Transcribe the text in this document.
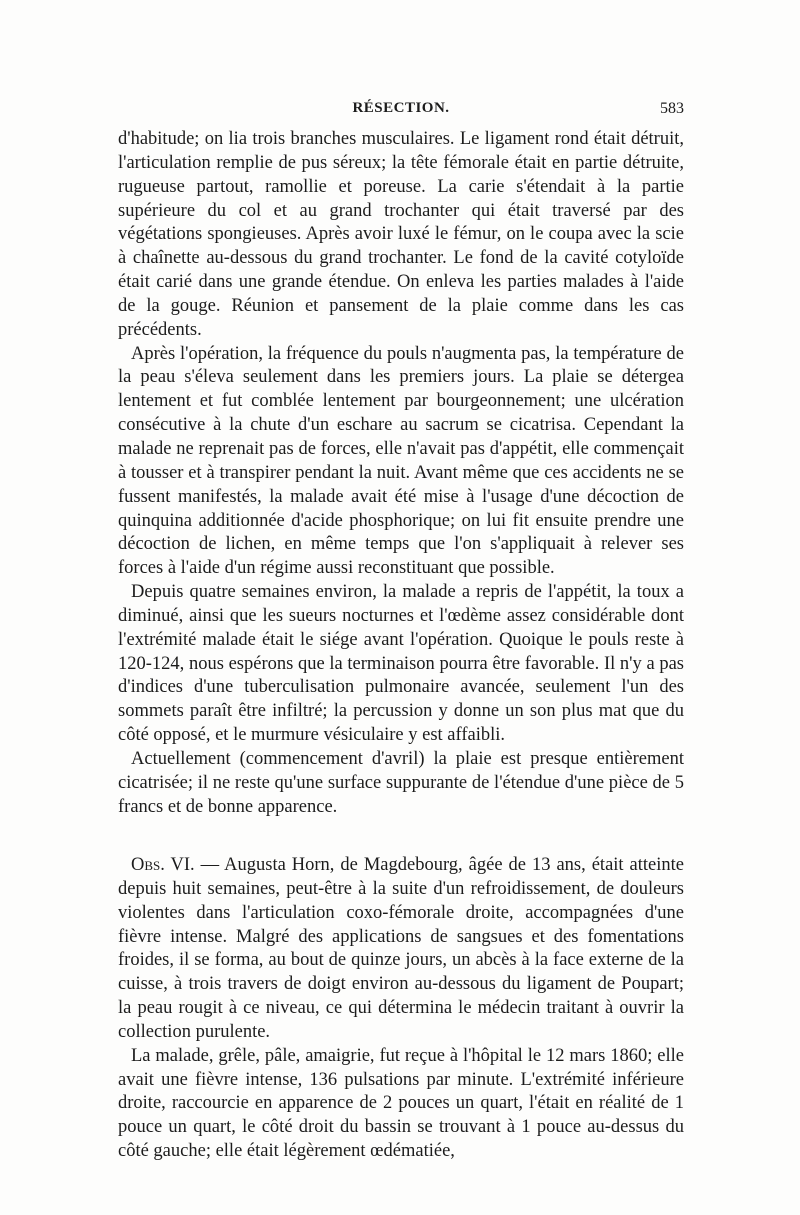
RÉSECTION.	583

d'habitude; on lia trois branches musculaires. Le ligament rond était détruit, l'articulation remplie de pus séreux; la tête fémorale était en partie détruite, rugueuse partout, ramollie et poreuse. La carie s'étendait à la partie supérieure du col et au grand trochanter qui était traversé par des végétations spongieuses. Après avoir luxé le fémur, on le coupa avec la scie à chaînette au-dessous du grand trochanter. Le fond de la cavité cotyloïde était carié dans une grande étendue. On enleva les parties malades à l'aide de la gouge. Réunion et pansement de la plaie comme dans les cas précédents.

Après l'opération, la fréquence du pouls n'augmenta pas, la température de la peau s'éleva seulement dans les premiers jours. La plaie se détergea lentement et fut comblée lentement par bourgeonnement; une ulcération consécutive à la chute d'un eschare au sacrum se cicatrisa. Cependant la malade ne reprenait pas de forces, elle n'avait pas d'appétit, elle commençait à tousser et à transpirer pendant la nuit. Avant même que ces accidents ne se fussent manifestés, la malade avait été mise à l'usage d'une décoction de quinquina additionnée d'acide phosphorique; on lui fit ensuite prendre une décoction de lichen, en même temps que l'on s'appliquait à relever ses forces à l'aide d'un régime aussi reconstituant que possible.

Depuis quatre semaines environ, la malade a repris de l'appétit, la toux a diminué, ainsi que les sueurs nocturnes et l'œdème assez considérable dont l'extrémité malade était le siége avant l'opération. Quoique le pouls reste à 120-124, nous espérons que la terminaison pourra être favorable. Il n'y a pas d'indices d'une tuberculisation pulmonaire avancée, seulement l'un des sommets paraît être infiltré; la percussion y donne un son plus mat que du côté opposé, et le murmure vésiculaire y est affaibli.

Actuellement (commencement d'avril) la plaie est presque entièrement cicatrisée; il ne reste qu'une surface suppurante de l'étendue d'une pièce de 5 francs et de bonne apparence.

Obs. VI. — Augusta Horn, de Magdebourg, âgée de 13 ans, était atteinte depuis huit semaines, peut-être à la suite d'un refroidissement, de douleurs violentes dans l'articulation coxo-fémorale droite, accompagnées d'une fièvre intense. Malgré des applications de sangsues et des fomentations froides, il se forma, au bout de quinze jours, un abcès à la face externe de la cuisse, à trois travers de doigt environ au-dessous du ligament de Poupart; la peau rougit à ce niveau, ce qui détermina le médecin traitant à ouvrir la collection purulente.

La malade, grêle, pâle, amaigrie, fut reçue à l'hôpital le 12 mars 1860; elle avait une fièvre intense, 136 pulsations par minute. L'extrémité inférieure droite, raccourcie en apparence de 2 pouces un quart, l'était en réalité de 1 pouce un quart, le côté droit du bassin se trouvant à 1 pouce au-dessus du côté gauche; elle était légèrement œdématiée,
